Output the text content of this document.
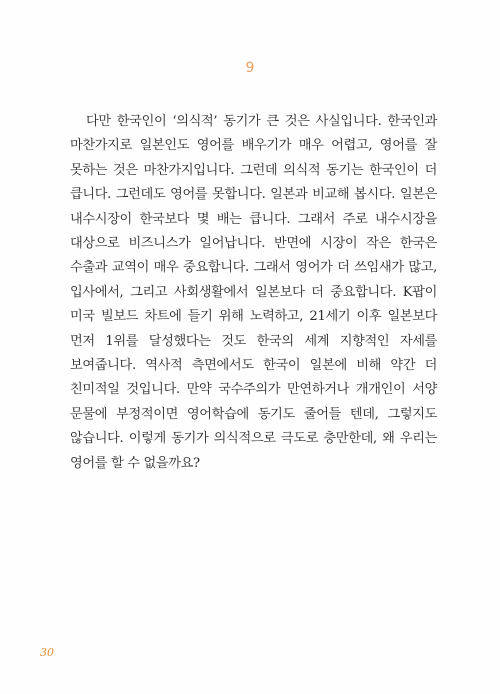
9

다만 한국인이 ‘의식적’ 동기가 큰 것은 사실입니다. 한국인과 마찬가지로 일본인도 영어를 배우기가 매우 어렵고, 영어를 잘 못하는 것은 마찬가지입니다. 그런데 의식적 동기는 한국인이 더 큽니다. 그런데도 영어를 못합니다. 일본과 비교해 봅시다. 일본은 내수시장이 한국보다 몇 배는 큽니다. 그래서 주로 내수시장을 대상으로 비즈니스가 일어납니다. 반면에 시장이 작은 한국은 수출과 교역이 매우 중요합니다. 그래서 영어가 더 쓰임새가 많고, 입사에서, 그리고 사회생활에서 일본보다 더 중요합니다. K팝이 미국 빌보드 차트에 들기 위해 노력하고, 21세기 이후 일본보다 먼저 1위를 달성했다는 것도 한국의 세계 지향적인 자세를 보여줍니다. 역사적 측면에서도 한국이 일본에 비해 약간 더 친미적일 것입니다. 만약 국수주의가 만연하거나 개개인이 서양 문물에 부정적이면 영어학습에 동기도 줄어들 텐데, 그렇지도 않습니다. 이렇게 동기가 의식적으로 극도로 충만한데, 왜 우리는 영어를 할 수 없을까요?

30
